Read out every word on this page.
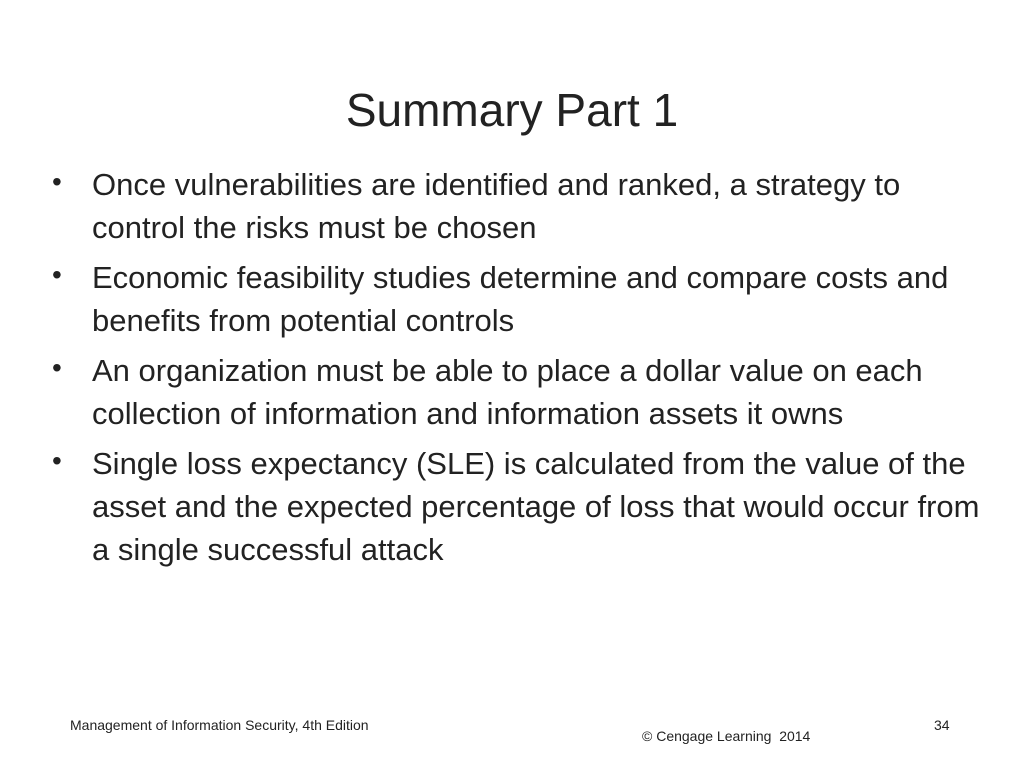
Summary Part 1
• Once vulnerabilities are identified and ranked, a strategy to control the risks must be chosen
• Economic feasibility studies determine and compare costs and benefits from potential controls
• An organization must be able to place a dollar value on each collection of information and information assets it owns
• Single loss expectancy (SLE) is calculated from the value of the asset and the expected percentage of loss that would occur from a single successful attack
Management of Information Security, 4th Edition
© Cengage Learning  2014
34
